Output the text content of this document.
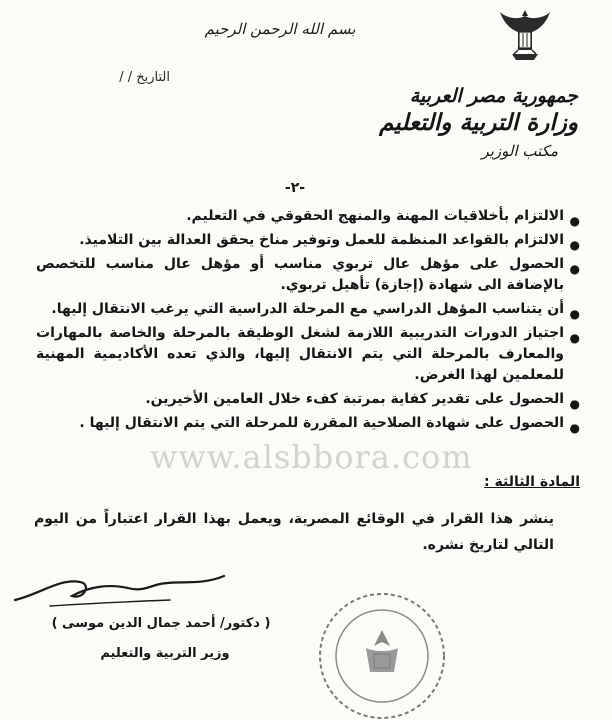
بسم الله الرحمن الرحيم
التاريخ / /
جمهورية مصر العربية
وزارة التربية والتعليم
مكتب الوزير
-٢-
●
الالتزام بأخلاقيات المهنة والمنهج الحقوقي في التعليم.
●
الالتزام بالقواعد المنظمة للعمل وتوفير مناخ يحقق العدالة بين التلاميذ.
●
الحصول على مؤهل عال تربوي مناسب أو مؤهل عال مناسب للتخصص بالإضافة الى شهادة (إجازة) تأهيل تربوي.
●
أن يتناسب المؤهل الدراسي مع المرحلة الدراسية التي يرغب الانتقال إليها.
●
اجتياز الدورات التدريبية اللازمة لشغل الوظيفة بالمرحلة والخاصة بالمهارات والمعارف بالمرحلة التي يتم الانتقال إليها، والذي تعده الأكاديمية المهنية للمعلمين لهذا الغرض.
●
الحصول على تقدير كفاية بمرتبة كفء خلال العامين الأخيرين.
●
الحصول على شهادة الصلاحية المقررة للمرحلة التي يتم الانتقال إليها .
www.alsbbora.com
المادة الثالثة :
ينشر هذا القرار في الوقائع المصرية، ويعمل بهذا القرار اعتباراً من اليوم التالي لتاريخ نشره.
( دكتور/ أحمد جمال الدين موسى )
وزير التربية والتعليم
